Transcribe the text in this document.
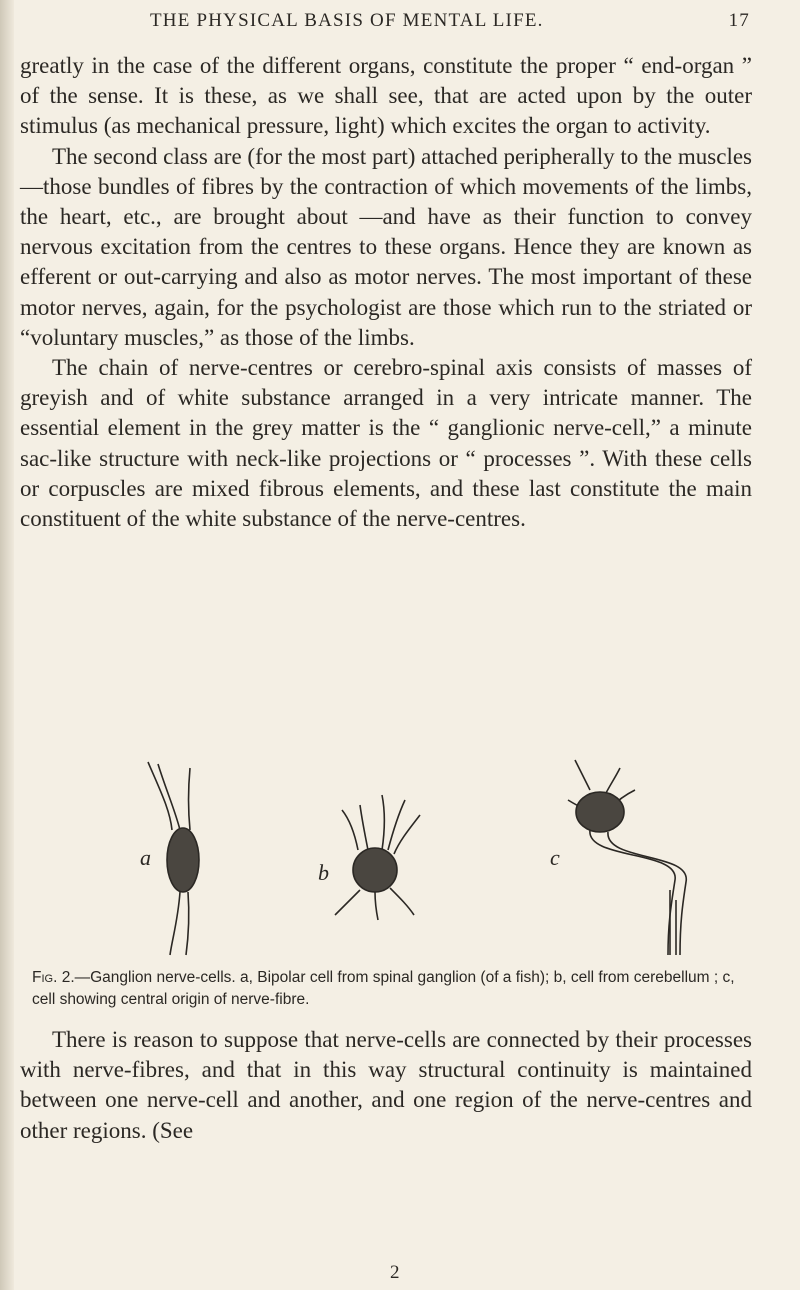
THE PHYSICAL BASIS OF MENTAL LIFE.	17

greatly in the case of the different organs, constitute the proper “ end-organ ” of the sense. It is these, as we shall see, that are acted upon by the outer stimulus (as mechanical pressure, light) which excites the organ to activity.

The second class are (for the most part) attached peripherally to the muscles—those bundles of fibres by the contraction of which movements of the limbs, the heart, etc., are brought about —and have as their function to convey nervous excitation from the centres to these organs. Hence they are known as efferent or out-carrying and also as motor nerves. The most important of these motor nerves, again, for the psychologist are those which run to the striated or “voluntary muscles,” as those of the limbs.

The chain of nerve-centres or cerebro-spinal axis consists of masses of greyish and of white substance arranged in a very intricate manner. The essential element in the grey matter is the “ ganglionic nerve-cell,” a minute sac-like structure with neck-like projections or “ processes ”. With these cells or corpuscles are mixed fibrous elements, and these last constitute the main constituent of the white substance of the nerve-centres.

a
b
c
Fig. 2.—Ganglion nerve-cells. a, Bipolar cell from spinal ganglion (of a fish); b, cell from cerebellum ; c, cell showing central origin of nerve-fibre.

There is reason to suppose that nerve-cells are connected by their processes with nerve-fibres, and that in this way structural continuity is maintained between one nerve-cell and another, and one region of the nerve-centres and other regions. (See

2
